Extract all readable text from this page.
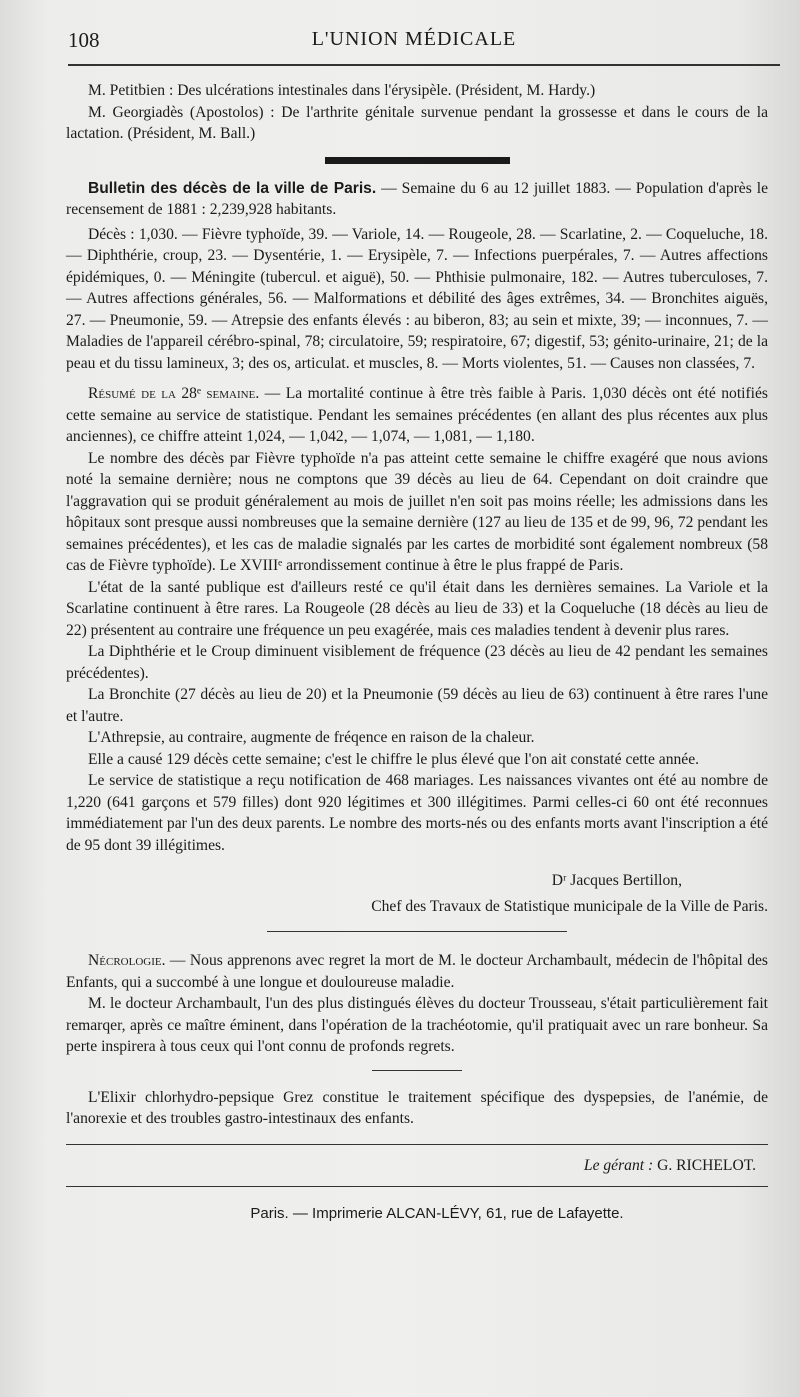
108	L'UNION MÉDICALE

M. Petitbien : Des ulcérations intestinales dans l'érysipèle. (Président, M. Hardy.)

M. Georgiadès (Apostolos) : De l'arthrite génitale survenue pendant la grossesse et dans le cours de la lactation. (Président, M. Ball.)

Bulletin des décès de la ville de Paris. — Semaine du 6 au 12 juillet 1883. — Population d'après le recensement de 1881 : 2,239,928 habitants.

Décès : 1,030. — Fièvre typhoïde, 39. — Variole, 14. — Rougeole, 28. — Scarlatine, 2. — Coqueluche, 18. — Diphthérie, croup, 23. — Dysentérie, 1. — Erysipèle, 7. — Infections puerpérales, 7. — Autres affections épidémiques, 0. — Méningite (tubercul. et aiguë), 50. — Phthisie pulmonaire, 182. — Autres tuberculoses, 7. — Autres affections générales, 56. — Malformations et débilité des âges extrêmes, 34. — Bronchites aiguës, 27. — Pneumonie, 59. — Atrepsie des enfants élevés : au biberon, 83; au sein et mixte, 39; — inconnues, 7. — Maladies de l'appareil cérébro-spinal, 78; circulatoire, 59; respiratoire, 67; digestif, 53; génito-urinaire, 21; de la peau et du tissu lamineux, 3; des os, articulat. et muscles, 8. — Morts violentes, 51. — Causes non classées, 7.

Résumé de la 28ᵉ semaine. — La mortalité continue à être très faible à Paris. 1,030 décès ont été notifiés cette semaine au service de statistique. Pendant les semaines précédentes (en allant des plus récentes aux plus anciennes), ce chiffre atteint 1,024, — 1,042, — 1,074, — 1,081, — 1,180.

Le nombre des décès par Fièvre typhoïde n'a pas atteint cette semaine le chiffre exagéré que nous avions noté la semaine dernière; nous ne comptons que 39 décès au lieu de 64. Cependant on doit craindre que l'aggravation qui se produit généralement au mois de juillet n'en soit pas moins réelle; les admissions dans les hôpitaux sont presque aussi nombreuses que la semaine dernière (127 au lieu de 135 et de 99, 96, 72 pendant les semaines précédentes), et les cas de maladie signalés par les cartes de morbidité sont également nombreux (58 cas de Fièvre typhoïde). Le XVIIIᵉ arrondissement continue à être le plus frappé de Paris.

L'état de la santé publique est d'ailleurs resté ce qu'il était dans les dernières semaines. La Variole et la Scarlatine continuent à être rares. La Rougeole (28 décès au lieu de 33) et la Coqueluche (18 décès au lieu de 22) présentent au contraire une fréquence un peu exagérée, mais ces maladies tendent à devenir plus rares.

La Diphthérie et le Croup diminuent visiblement de fréquence (23 décès au lieu de 42 pendant les semaines précédentes).

La Bronchite (27 décès au lieu de 20) et la Pneumonie (59 décès au lieu de 63) continuent à être rares l'une et l'autre.

L'Athrepsie, au contraire, augmente de fréqence en raison de la chaleur.

Elle a causé 129 décès cette semaine; c'est le chiffre le plus élevé que l'on ait constaté cette année.

Le service de statistique a reçu notification de 468 mariages. Les naissances vivantes ont été au nombre de 1,220 (641 garçons et 579 filles) dont 920 légitimes et 300 illégitimes. Parmi celles-ci 60 ont été reconnues immédiatement par l'un des deux parents. Le nombre des morts-nés ou des enfants morts avant l'inscription a été de 95 dont 39 illégitimes.

Dʳ Jacques Bertillon,
Chef des Travaux de Statistique municipale de la Ville de Paris.

Nécrologie. — Nous apprenons avec regret la mort de M. le docteur Archambault, médecin de l'hôpital des Enfants, qui a succombé à une longue et douloureuse maladie.

M. le docteur Archambault, l'un des plus distingués élèves du docteur Trousseau, s'était particulièrement fait remarqer, après ce maître éminent, dans l'opération de la trachéotomie, qu'il pratiquait avec un rare bonheur. Sa perte inspirera à tous ceux qui l'ont connu de profonds regrets.

L'Elixir chlorhydro-pepsique Grez constitue le traitement spécifique des dyspepsies, de l'anémie, de l'anorexie et des troubles gastro-intestinaux des enfants.

Le gérant : G. RICHELOT.
Paris. — Imprimerie ALCAN-LÉVY, 61, rue de Lafayette.
